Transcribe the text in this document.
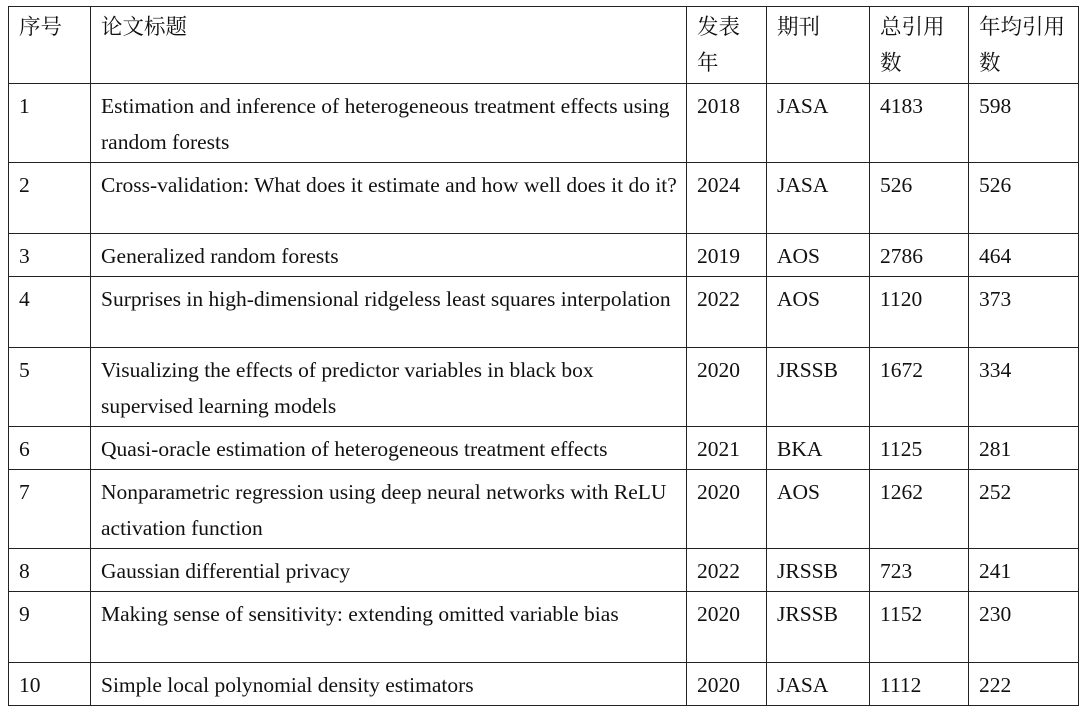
序号	论文标题	发表年	期刊	总引用数	年均引用数
1	Estimation and inference of heterogeneous treatment effects using random forests	2018	JASA	4183	598
2	Cross-validation: What does it estimate and how well does it do it?	2024	JASA	526	526
3	Generalized random forests	2019	AOS	2786	464
4	Surprises in high-dimensional ridgeless least squares interpolation	2022	AOS	1120	373
5	Visualizing the effects of predictor variables in black box supervised learning models	2020	JRSSB	1672	334
6	Quasi-oracle estimation of heterogeneous treatment effects	2021	BKA	1125	281
7	Nonparametric regression using deep neural networks with ReLU activation function	2020	AOS	1262	252
8	Gaussian differential privacy	2022	JRSSB	723	241
9	Making sense of sensitivity: extending omitted variable bias	2020	JRSSB	1152	230
10	Simple local polynomial density estimators	2020	JASA	1112	222
